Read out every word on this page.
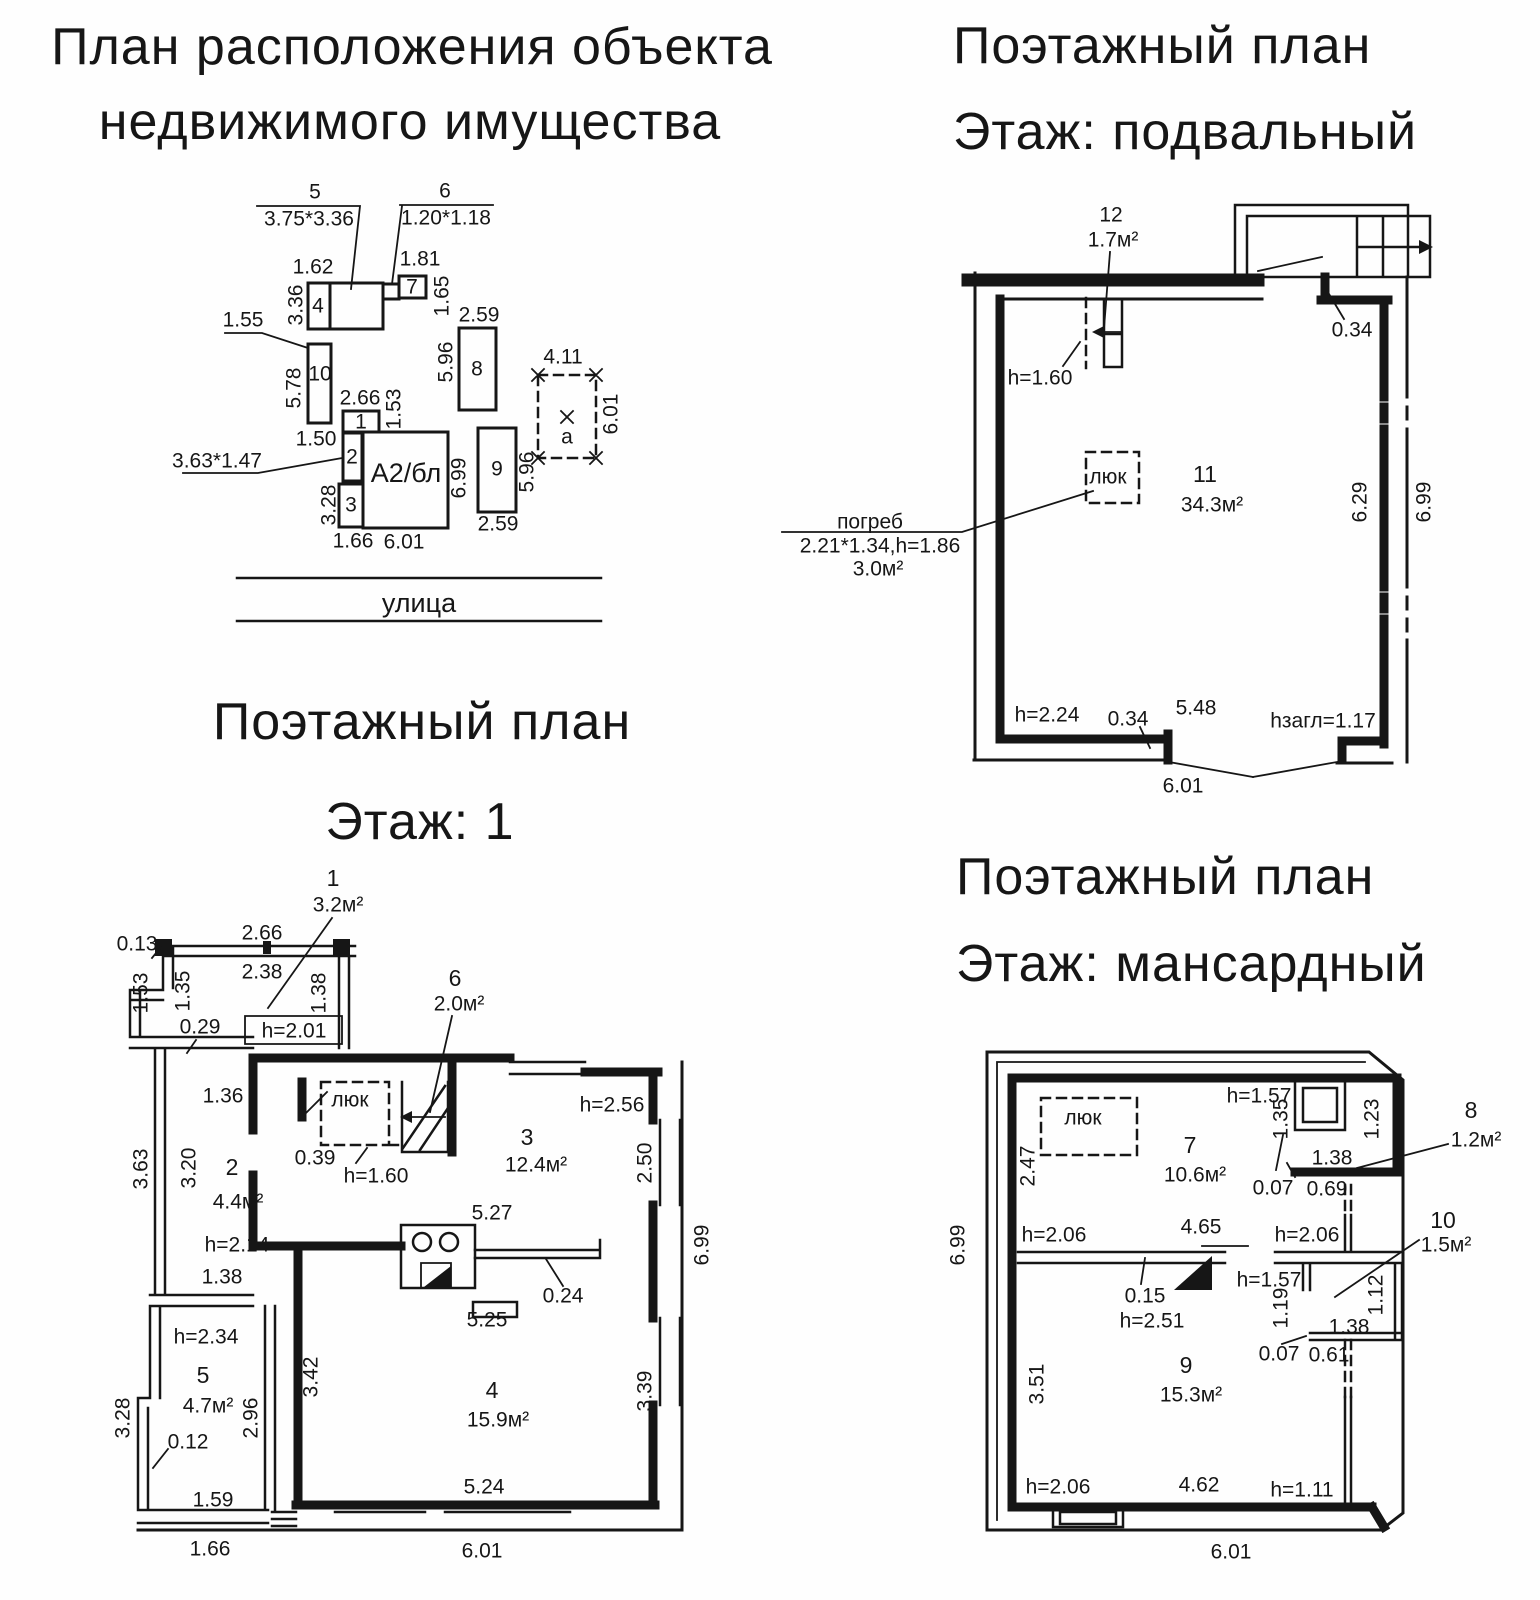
План расположения объекта
недвижимого имущества
5
3.75*3.36
6
1.20*1.18
1.62
3.36
1.81
1.65
1.55
10
5.78
1.50
2.66 1.53
1
3.63*1.47	2
А2/бл 6.99
6.01
3
3.28
1.66
8
5.96
2.59
9 5.96
2.59
а
4.11
6.01
улица
4
7
Поэтажный план
Этаж: подвальный
12
1.7м²
h=1.60
0.34
люк
погреб
2.21*1.34,h=1.86
3.0м²
11
34.3м²	6.29 6.99
h=2.24 0.34 5.48
hзагл=1.17
6.01
Поэтажный план
Этаж: 1
1
3.2м²
0.13	2.66
2.38
1.53 1.35
0.29 h=2.01
1.38	6
2.0м²
люк
0.39
h=1.60
3
12.4м²
h=2.56
2
4.4м²
1.36
3.63 3.20
h=2.14
1.38
5.27
0.24
5.25
2.50
6.99
3.39
h=2.34
5
4.7м²
3.28
0.12
2.96
3.42
1.59
1.66
4
15.9м²
5.24
6.01
Поэтажный план
Этаж: мансардный
люк
2.47
6.99
7
10.6м²
h=1.57
1.35	1.23	8
1.2м²
1.38
0.07 0.69
h=2.06	4.65	h=2.06
10
1.5м²
h=1.57
1.19 1.38
1.12
0.07 0.61
0.15
h=2.51
9
15.3м²
3.51
h=2.06	4.62 h=1.11
6.01
